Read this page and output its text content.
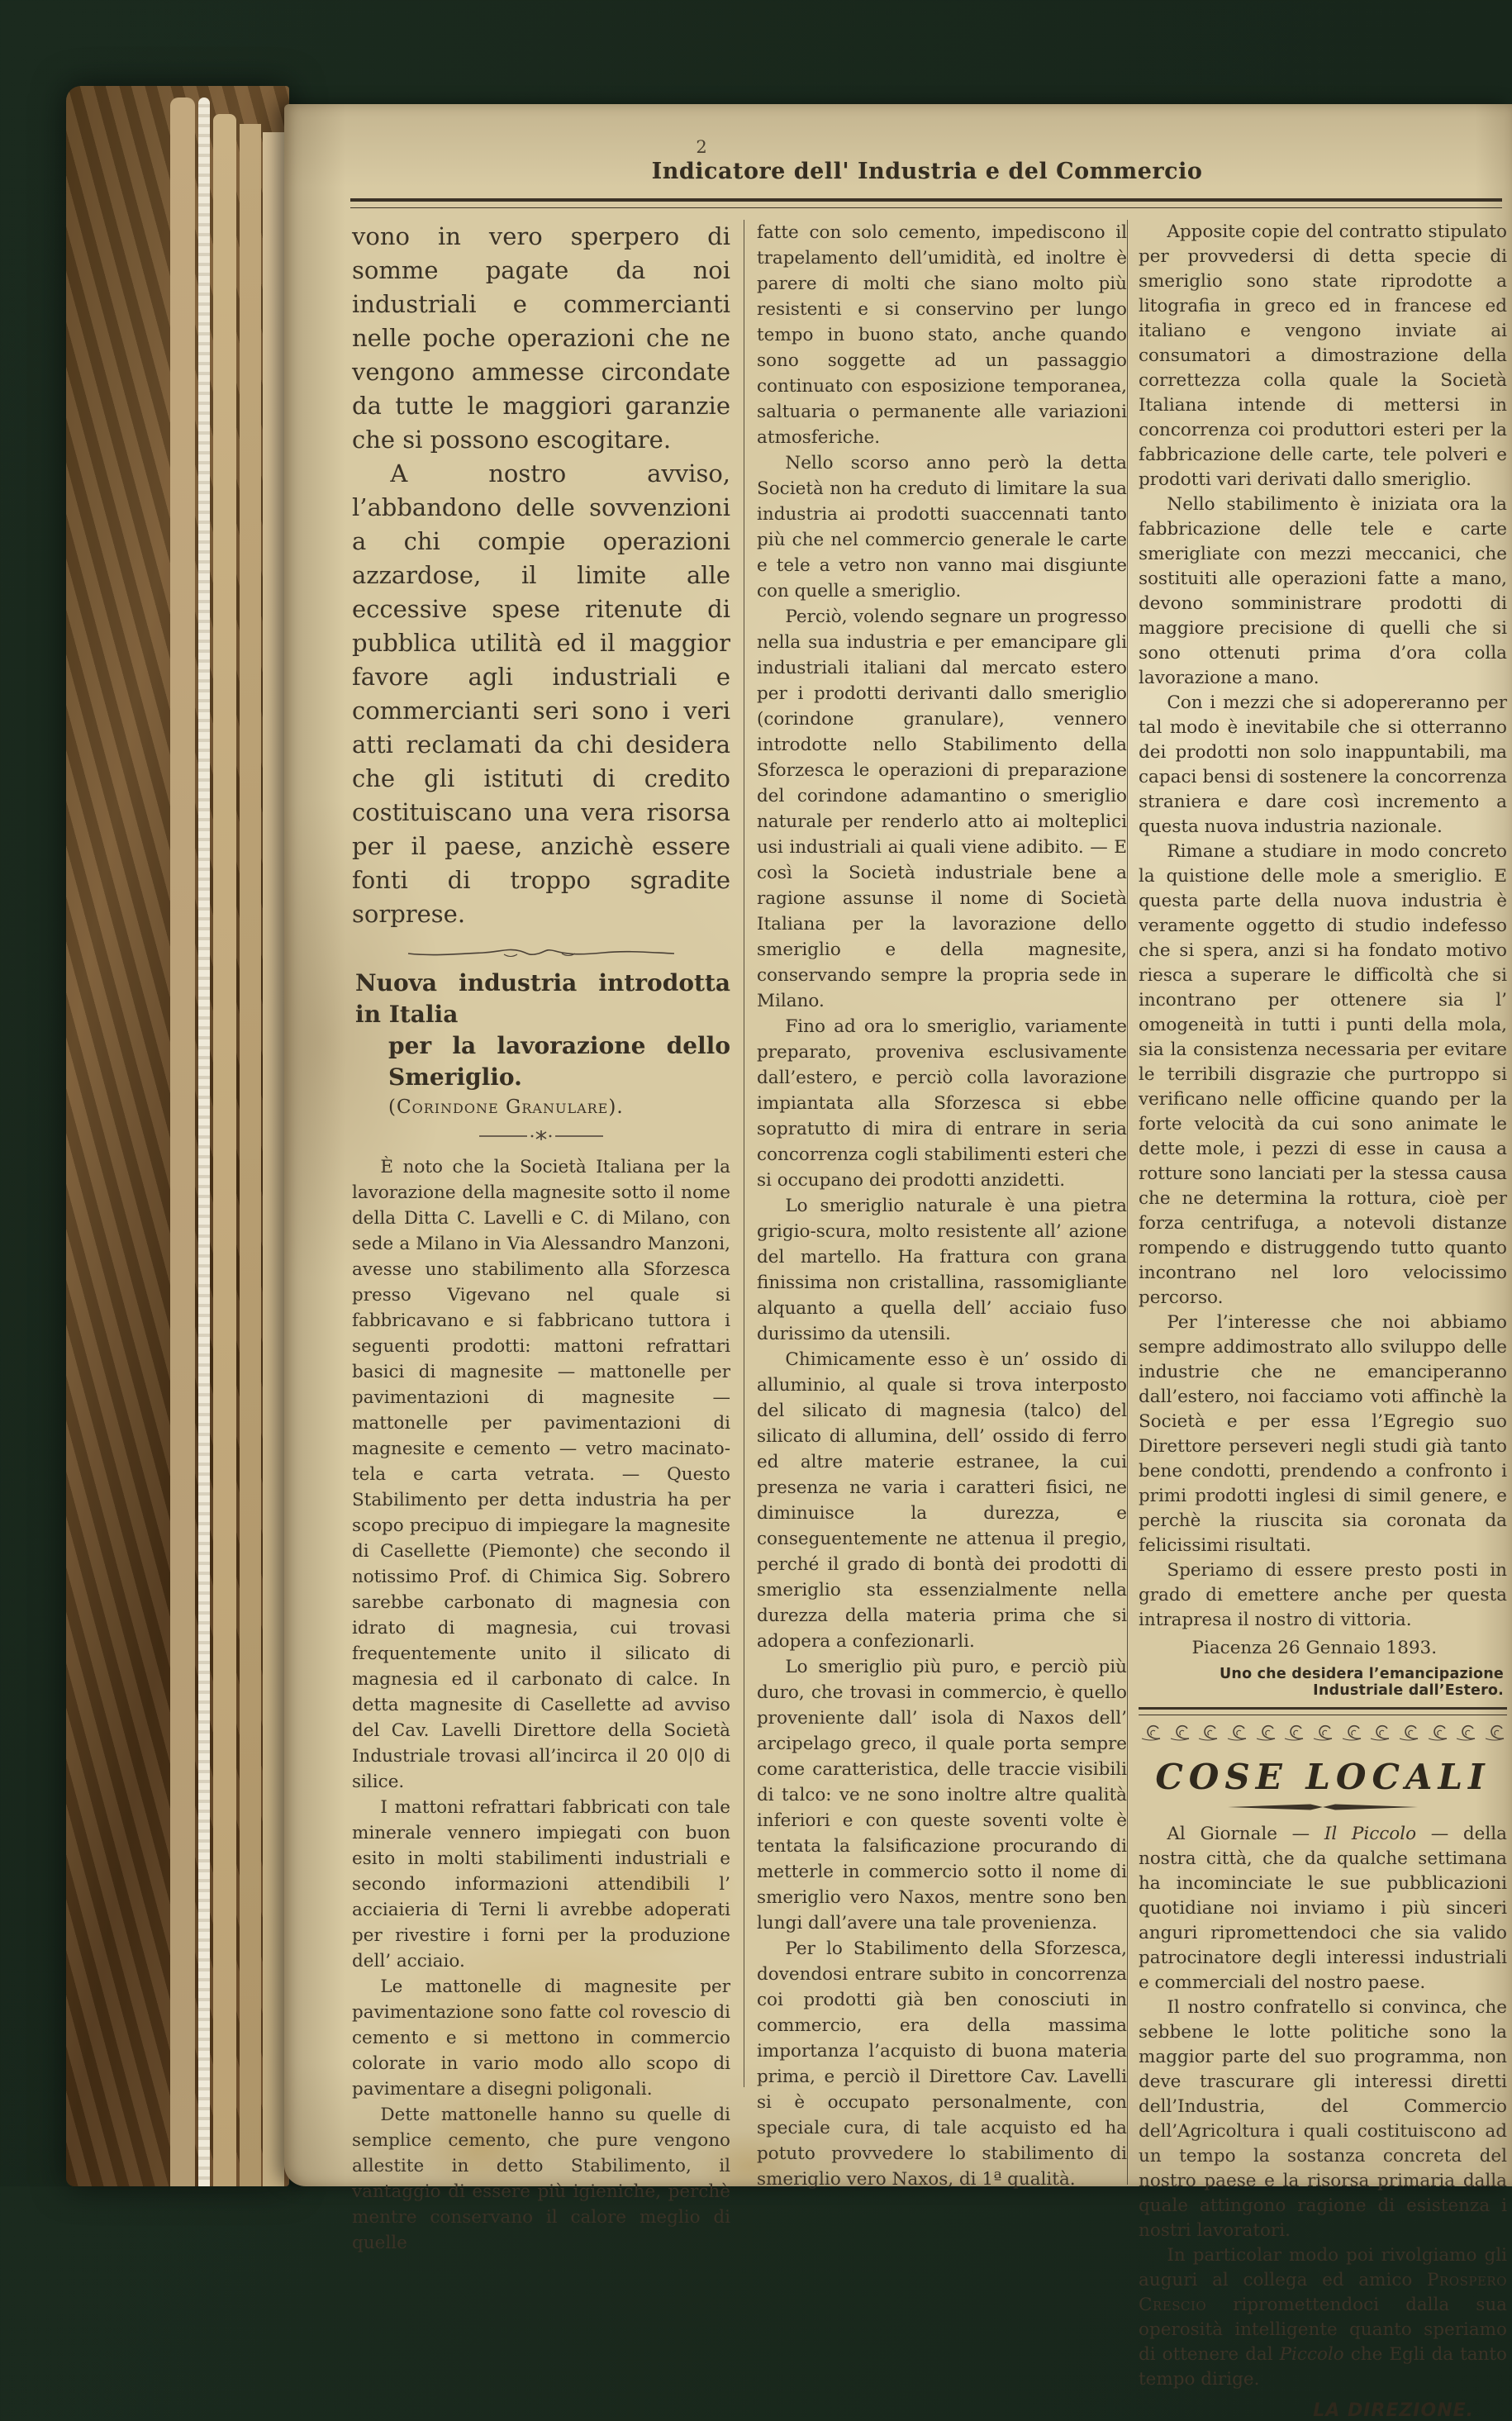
2
Indicatore dell' Industria e del Commercio

vono in vero sperpero di somme pagate da noi industriali e commercianti nelle poche operazioni che ne vengono ammesse circondate da tutte le maggiori garanzie che si possono escogitare.

A nostro avviso, l’abbandono delle sovvenzioni a chi compie operazioni azzardose, il limite alle eccessive spese ritenute di pubblica utilità ed il maggior favore agli industriali e commercianti seri sono i veri atti reclamati da chi desidera che gli istituti di credito costituiscano una vera risorsa per il paese, anzichè essere fonti di troppo sgradite sorprese.

Nuova industria introdotta in Italia
per la lavorazione dello Smeriglio.
(Corindone Granulare).

È noto che la Società Italiana per la lavorazione della magnesite sotto il nome della Ditta C. Lavelli e C. di Milano, con sede a Milano in Via Alessandro Manzoni, avesse uno stabilimento alla Sforzesca presso Vigevano nel quale si fabbricavano e si fabbricano tuttora i seguenti prodotti: mattoni refrattari basici di magnesite — mattonelle per pavimentazioni di magnesite — mattonelle per pavimentazioni di magnesite e cemento — vetro macinato-tela e carta vetrata. — Questo Stabilimento per detta industria ha per scopo precipuo di impiegare la magnesite di Casellette (Piemonte) che secondo il notissimo Prof. di Chimica Sig. Sobrero sarebbe carbonato di magnesia con idrato di magnesia, cui trovasi frequentemente unito il silicato di magnesia ed il carbonato di calce. In detta magnesite di Casellette ad avviso del Cav. Lavelli Direttore della Società Industriale trovasi all’incirca il 20 0|0 di silice.

I mattoni refrattari fabbricati con tale minerale vennero impiegati con buon esito in molti stabilimenti industriali e secondo informazioni attendibili l’ acciaieria di Terni li avrebbe adoperati per rivestire i forni per la produzione dell’ acciaio.

Le mattonelle di magnesite per pavimentazione sono fatte col rovescio di cemento e si mettono in commercio colorate in vario modo allo scopo di pavimentare a disegni poligonali.

Dette mattonelle hanno su quelle di semplice cemento, che pure vengono allestite in detto Stabilimento, il vantaggio di essere più igieniche, perchè mentre conservano il calore meglio di quelle

fatte con solo cemento, impediscono il trapelamento dell’umidità, ed inoltre è parere di molti che siano molto più resistenti e si conservino per lungo tempo in buono stato, anche quando sono soggette ad un passaggio continuato con esposizione temporanea, saltuaria o permanente alle variazioni atmosferiche.

Nello scorso anno però la detta Società non ha creduto di limitare la sua industria ai prodotti suaccennati tanto più che nel commercio generale le carte e tele a vetro non vanno mai disgiunte con quelle a smeriglio.

Perciò, volendo segnare un progresso nella sua industria e per emancipare gli industriali italiani dal mercato estero per i prodotti derivanti dallo smeriglio (corindone granulare), vennero introdotte nello Stabilimento della Sforzesca le operazioni di preparazione del corindone adamantino o smeriglio naturale per renderlo atto ai molteplici usi industriali ai quali viene adibito. — E così la Società industriale bene a ragione assunse il nome di Società Italiana per la lavorazione dello smeriglio e della magnesite, conservando sempre la propria sede in Milano.

Fino ad ora lo smeriglio, variamente preparato, proveniva esclusivamente dall’estero, e perciò colla lavorazione impiantata alla Sforzesca si ebbe sopratutto di mira di entrare in seria concorrenza cogli stabilimenti esteri che si occupano dei prodotti anzidetti.

Lo smeriglio naturale è una pietra grigio-scura, molto resistente all’ azione del martello. Ha frattura con grana finissima non cristallina, rassomigliante alquanto a quella dell’ acciaio fuso durissimo da utensili.

Chimicamente esso è un’ ossido di alluminio, al quale si trova interposto del silicato di magnesia (talco) del silicato di allumina, dell’ ossido di ferro ed altre materie estranee, la cui presenza ne varia i caratteri fisici, ne diminuisce la durezza, e conseguentemente ne attenua il pregio, perché il grado di bontà dei prodotti di smeriglio sta essenzialmente nella durezza della materia prima che si adopera a confezionarli.

Lo smeriglio più puro, e perciò più duro, che trovasi in commercio, è quello proveniente dall’ isola di Naxos dell’ arcipelago greco, il quale porta sempre come caratteristica, delle traccie visibili di talco: ve ne sono inoltre altre qualità inferiori e con queste soventi volte è tentata la falsificazione procurando di metterle in commercio sotto il nome di smeriglio vero Naxos, mentre sono ben lungi dall’avere una tale provenienza.

Per lo Stabilimento della Sforzesca, dovendosi entrare subito in concorrenza coi prodotti già ben conosciuti in commercio, era della massima importanza l’acquisto di buona materia prima, e perciò il Direttore Cav. Lavelli si è occupato personalmente, con speciale cura, di tale acquisto ed ha potuto provvedere lo stabilimento di smeriglio vero Naxos, di 1ª qualità.

Apposite copie del contratto stipulato per provvedersi di detta specie di smeriglio sono state riprodotte a litografia in greco ed in francese ed italiano e vengono inviate ai consumatori a dimostrazione della correttezza colla quale la Società Italiana intende di mettersi in concorrenza coi produttori esteri per la fabbricazione delle carte, tele polveri e prodotti vari derivati dallo smeriglio.

Nello stabilimento è iniziata ora la fabbricazione delle tele e carte smerigliate con mezzi meccanici, che sostituiti alle operazioni fatte a mano, devono somministrare prodotti di maggiore precisione di quelli che si sono ottenuti prima d’ora colla lavorazione a mano.

Con i mezzi che si adopereranno per tal modo è inevitabile che si otterranno dei prodotti non solo inappuntabili, ma capaci bensi di sostenere la concorrenza straniera e dare così incremento a questa nuova industria nazionale.

Rimane a studiare in modo concreto la quistione delle mole a smeriglio. E questa parte della nuova industria è veramente oggetto di studio indefesso che si spera, anzi si ha fondato motivo riesca a superare le difficoltà che si incontrano per ottenere sia l’ omogeneità in tutti i punti della mola, sia la consistenza necessaria per evitare le terribili disgrazie che purtroppo si verificano nelle officine quando per la forte velocità da cui sono animate le dette mole, i pezzi di esse in causa a rotture sono lanciati per la stessa causa che ne determina la rottura, cioè per forza centrifuga, a notevoli distanze rompendo e distruggendo tutto quanto incontrano nel loro velocissimo percorso.

Per l’interesse che noi abbiamo sempre addimostrato allo sviluppo delle industrie che ne emanciperanno dall’estero, noi facciamo voti affinchè la Società e per essa l’Egregio suo Direttore perseveri negli studi già tanto bene condotti, prendendo a confronto i primi prodotti inglesi di simil genere, e perchè la riuscita sia coronata da felicissimi risultati.

Speriamo di essere presto posti in grado di emettere anche per questa intrapresa il nostro di vittoria.

Piacenza 26 Gennaio 1893.

Uno che desidera l’emancipazione Industriale dall’Estero.

COSE LOCALI

Al Giornale — Il Piccolo — della nostra città, che da qualche settimana ha incominciate le sue pubblicazioni quotidiane noi inviamo i più sinceri anguri ripromettendoci che sia valido patrocinatore degli interessi industriali e commerciali del nostro paese.

Il nostro confratello si convinca, che sebbene le lotte politiche sono la maggior parte del suo programma, non deve trascurare gli interessi diretti dell’Industria, del Commercio dell’Agricoltura i quali costituiscono ad un tempo la sostanza concreta del nostro paese e la risorsa primaria dalla quale attingono ragione di esistenza i nostri lavoratori.

In particolar modo poi rivolgiamo gli auguri al collega ed amico Prospero Crescio ripromettendoci dalla sua operosità intelligente quanto speriamo di ottenere dal Piccolo che Egli da tanto tempo dirige.

LA DIREZIONE.
